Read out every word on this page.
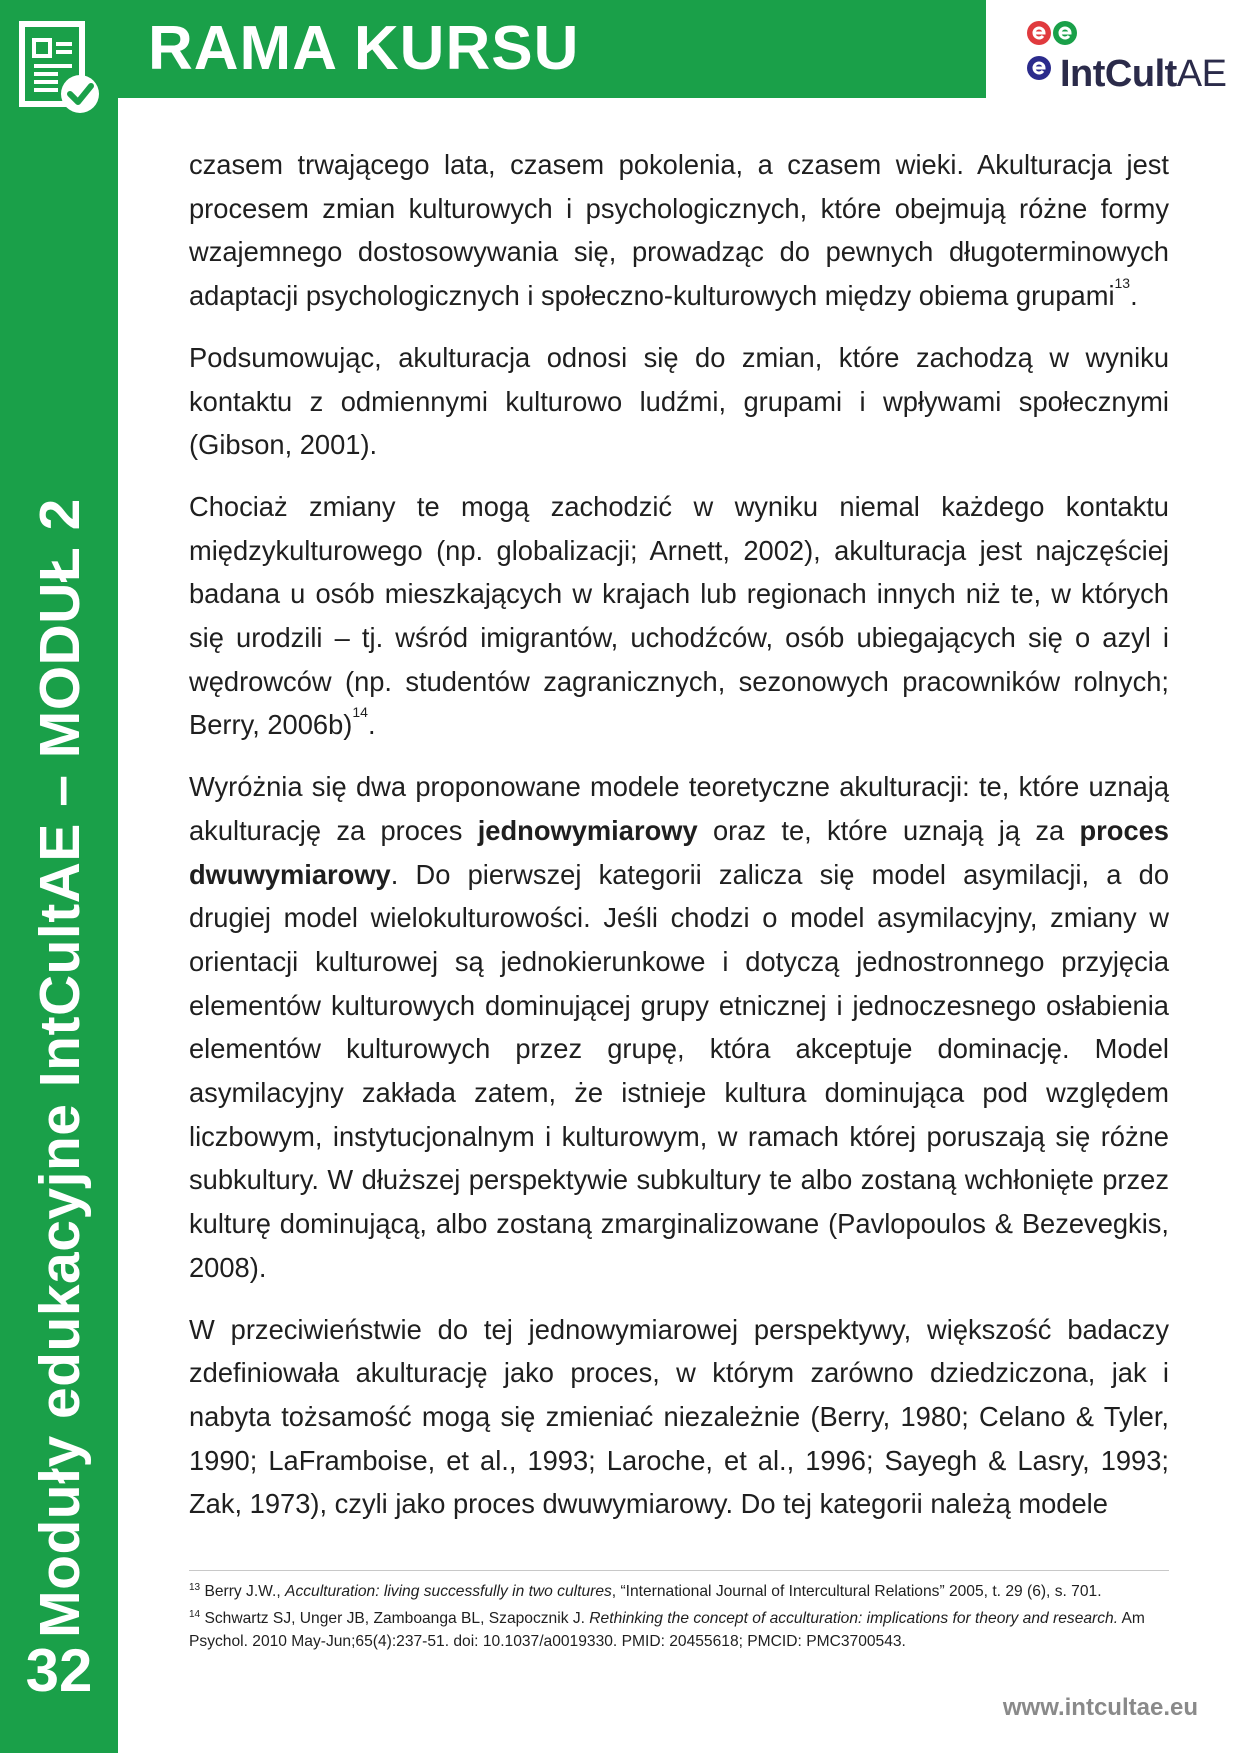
Moduły edukacyjne IntCultAE – MODUŁ 2
32
RAMA KURSU	IntCultAE

czasem trwającego lata, czasem pokolenia, a czasem wieki. Akulturacja jest procesem zmian kulturowych i psychologicznych, które obejmują różne formy wzajemnego dostosowywania się, prowadząc do pewnych długoterminowych adaptacji psychologicznych i społeczno-kulturowych między obiema grupami$^{13}$.

Podsumowując, akulturacja odnosi się do zmian, które zachodzą w wyniku kontaktu z odmiennymi kulturowo ludźmi, grupami i wpływami społecznymi (Gibson, 2001).

Chociaż zmiany te mogą zachodzić w wyniku niemal każdego kontaktu międzykulturowego (np. globalizacji; Arnett, 2002), akulturacja jest najczęściej badana u osób mieszkających w krajach lub regionach innych niż te, w których się urodzili – tj. wśród imigrantów, uchodźców, osób ubiegających się o azyl i wędrowców (np. studentów zagranicznych, sezonowych pracowników rolnych; Berry, 2006b)$^{14}$.

Wyróżnia się dwa proponowane modele teoretyczne akulturacji: te, które uznają akulturację za proces jednowymiarowy oraz te, które uznają ją za proces dwuwymiarowy. Do pierwszej kategorii zalicza się model asymilacji, a do drugiej model wielokulturowości. Jeśli chodzi o model asymilacyjny, zmiany w orientacji kulturowej są jednokierunkowe i dotyczą jednostronnego przyjęcia elementów kulturowych dominującej grupy etnicznej i jednoczesnego osłabienia elementów kulturowych przez grupę, która akceptuje dominację. Model asymilacyjny zakłada zatem, że istnieje kultura dominująca pod względem liczbowym, instytucjonalnym i kulturowym, w ramach której poruszają się różne subkultury. W dłuższej perspektywie subkultury te albo zostaną wchłonięte przez kulturę dominującą, albo zostaną zmarginalizowane (Pavlopoulos & Bezevegkis, 2008).

W przeciwieństwie do tej jednowymiarowej perspektywy, większość badaczy zdefiniowała akulturację jako proces, w którym zarówno dziedziczona, jak i nabyta tożsamość mogą się zmieniać niezależnie (Berry, 1980; Celano & Tyler, 1990; LaFramboise, et al., 1993; Laroche, et al., 1996; Sayegh & Lasry, 1993; Zak, 1973), czyli jako proces dwuwymiarowy. Do tej kategorii należą modele

$^{13}$ Berry J.W., Acculturation: living successfully in two cultures, “International Journal of Intercultural Relations” 2005, t. 29 (6), s. 701.
$^{14}$ Schwartz SJ, Unger JB, Zamboanga BL, Szapocznik J. Rethinking the concept of acculturation: implications for theory and research. Am Psychol. 2010 May-Jun;65(4):237-51. doi: 10.1037/a0019330. PMID: 20455618; PMCID: PMC3700543.
www.intcultae.eu
